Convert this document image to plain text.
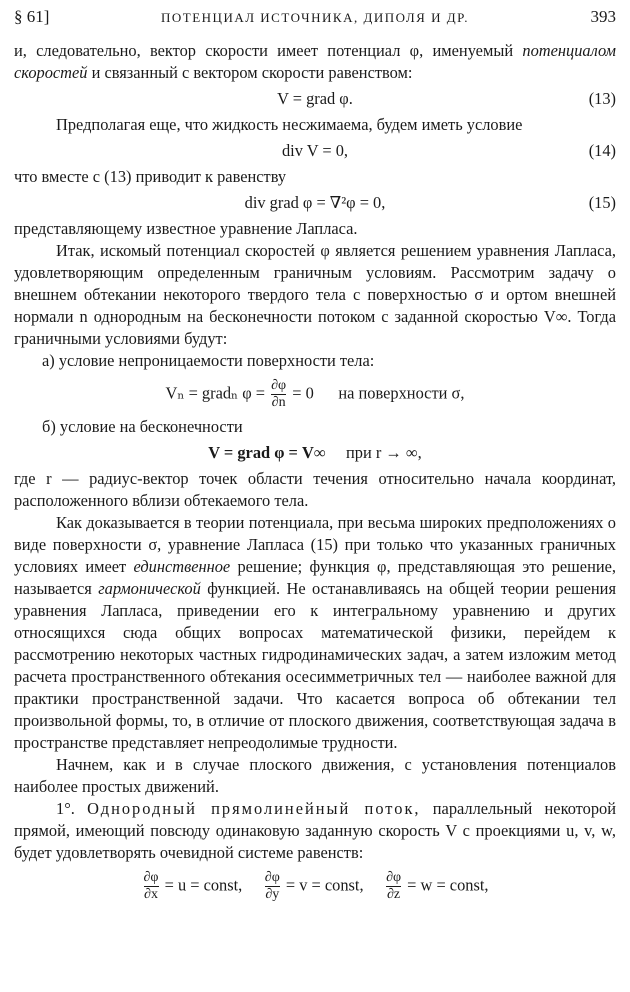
§ 61]	ПОТЕНЦИАЛ ИСТОЧНИКА, ДИПОЛЯ И ДР.	393

и, следовательно, вектор скорости имеет потенциал φ, именуемый потенциалом скоростей и связанный с вектором скорости равенством:

V = grad φ.	(13)

Предполагая еще, что жидкость несжимаема, будем иметь условие

div V = 0,	(14)

что вместе с (13) приводит к равенству

div grad φ = ∇²φ = 0,	(15)

представляющему известное уравнение Лапласа.

Итак, искомый потенциал скоростей φ является решением уравнения Лапласа, удовлетворяющим определенным граничным условиям. Рассмотрим задачу о внешнем обтекании некоторого твердого тела с поверхностью σ и ортом внешней нормали n однородным на бесконечности потоком с заданной скоростью V∞. Тогда граничными условиями будут:

а) условие непроницаемости поверхности тела:

Vₙ = gradₙ $\varphi = \frac{\partial\varphi}{\partial n} = 0$ на поверхности σ,

б) условие на бесконечности

V = grad φ = V∞ при r → ∞,

где r — радиус-вектор точек области течения относительно начала координат, расположенного вблизи обтекаемого тела.

Как доказывается в теории потенциала, при весьма широких предположениях о виде поверхности σ, уравнение Лапласа (15) при только что указанных граничных условиях имеет единственное решение; функция φ, представляющая это решение, называется гармонической функцией. Не останавливаясь на общей теории решения уравнения Лапласа, приведении его к интегральному уравнению и других относящихся сюда общих вопросах математической физики, перейдем к рассмотрению некоторых частных гидродинамических задач, а затем изложим метод расчета пространственного обтекания осесимметричных тел — наиболее важной для практики пространственной задачи. Что касается вопроса об обтекании тел произвольной формы, то, в отличие от плоского движения, соответствующая задача в пространстве представляет непреодолимые трудности.

Начнем, как и в случае плоского движения, с установления потенциалов наиболее простых движений.

1°. Однородный прямолинейный поток, параллельный некоторой прямой, имеющий повсюду одинаковую заданную скорость V с проекциями u, v, w, будет удовлетворять очевидной системе равенств:

$\frac{\partial\varphi}{\partial x} = u$ = const, $\frac{\partial\varphi}{\partial y} = v$ = const, $\frac{\partial\varphi}{\partial z} = w$ = const,
